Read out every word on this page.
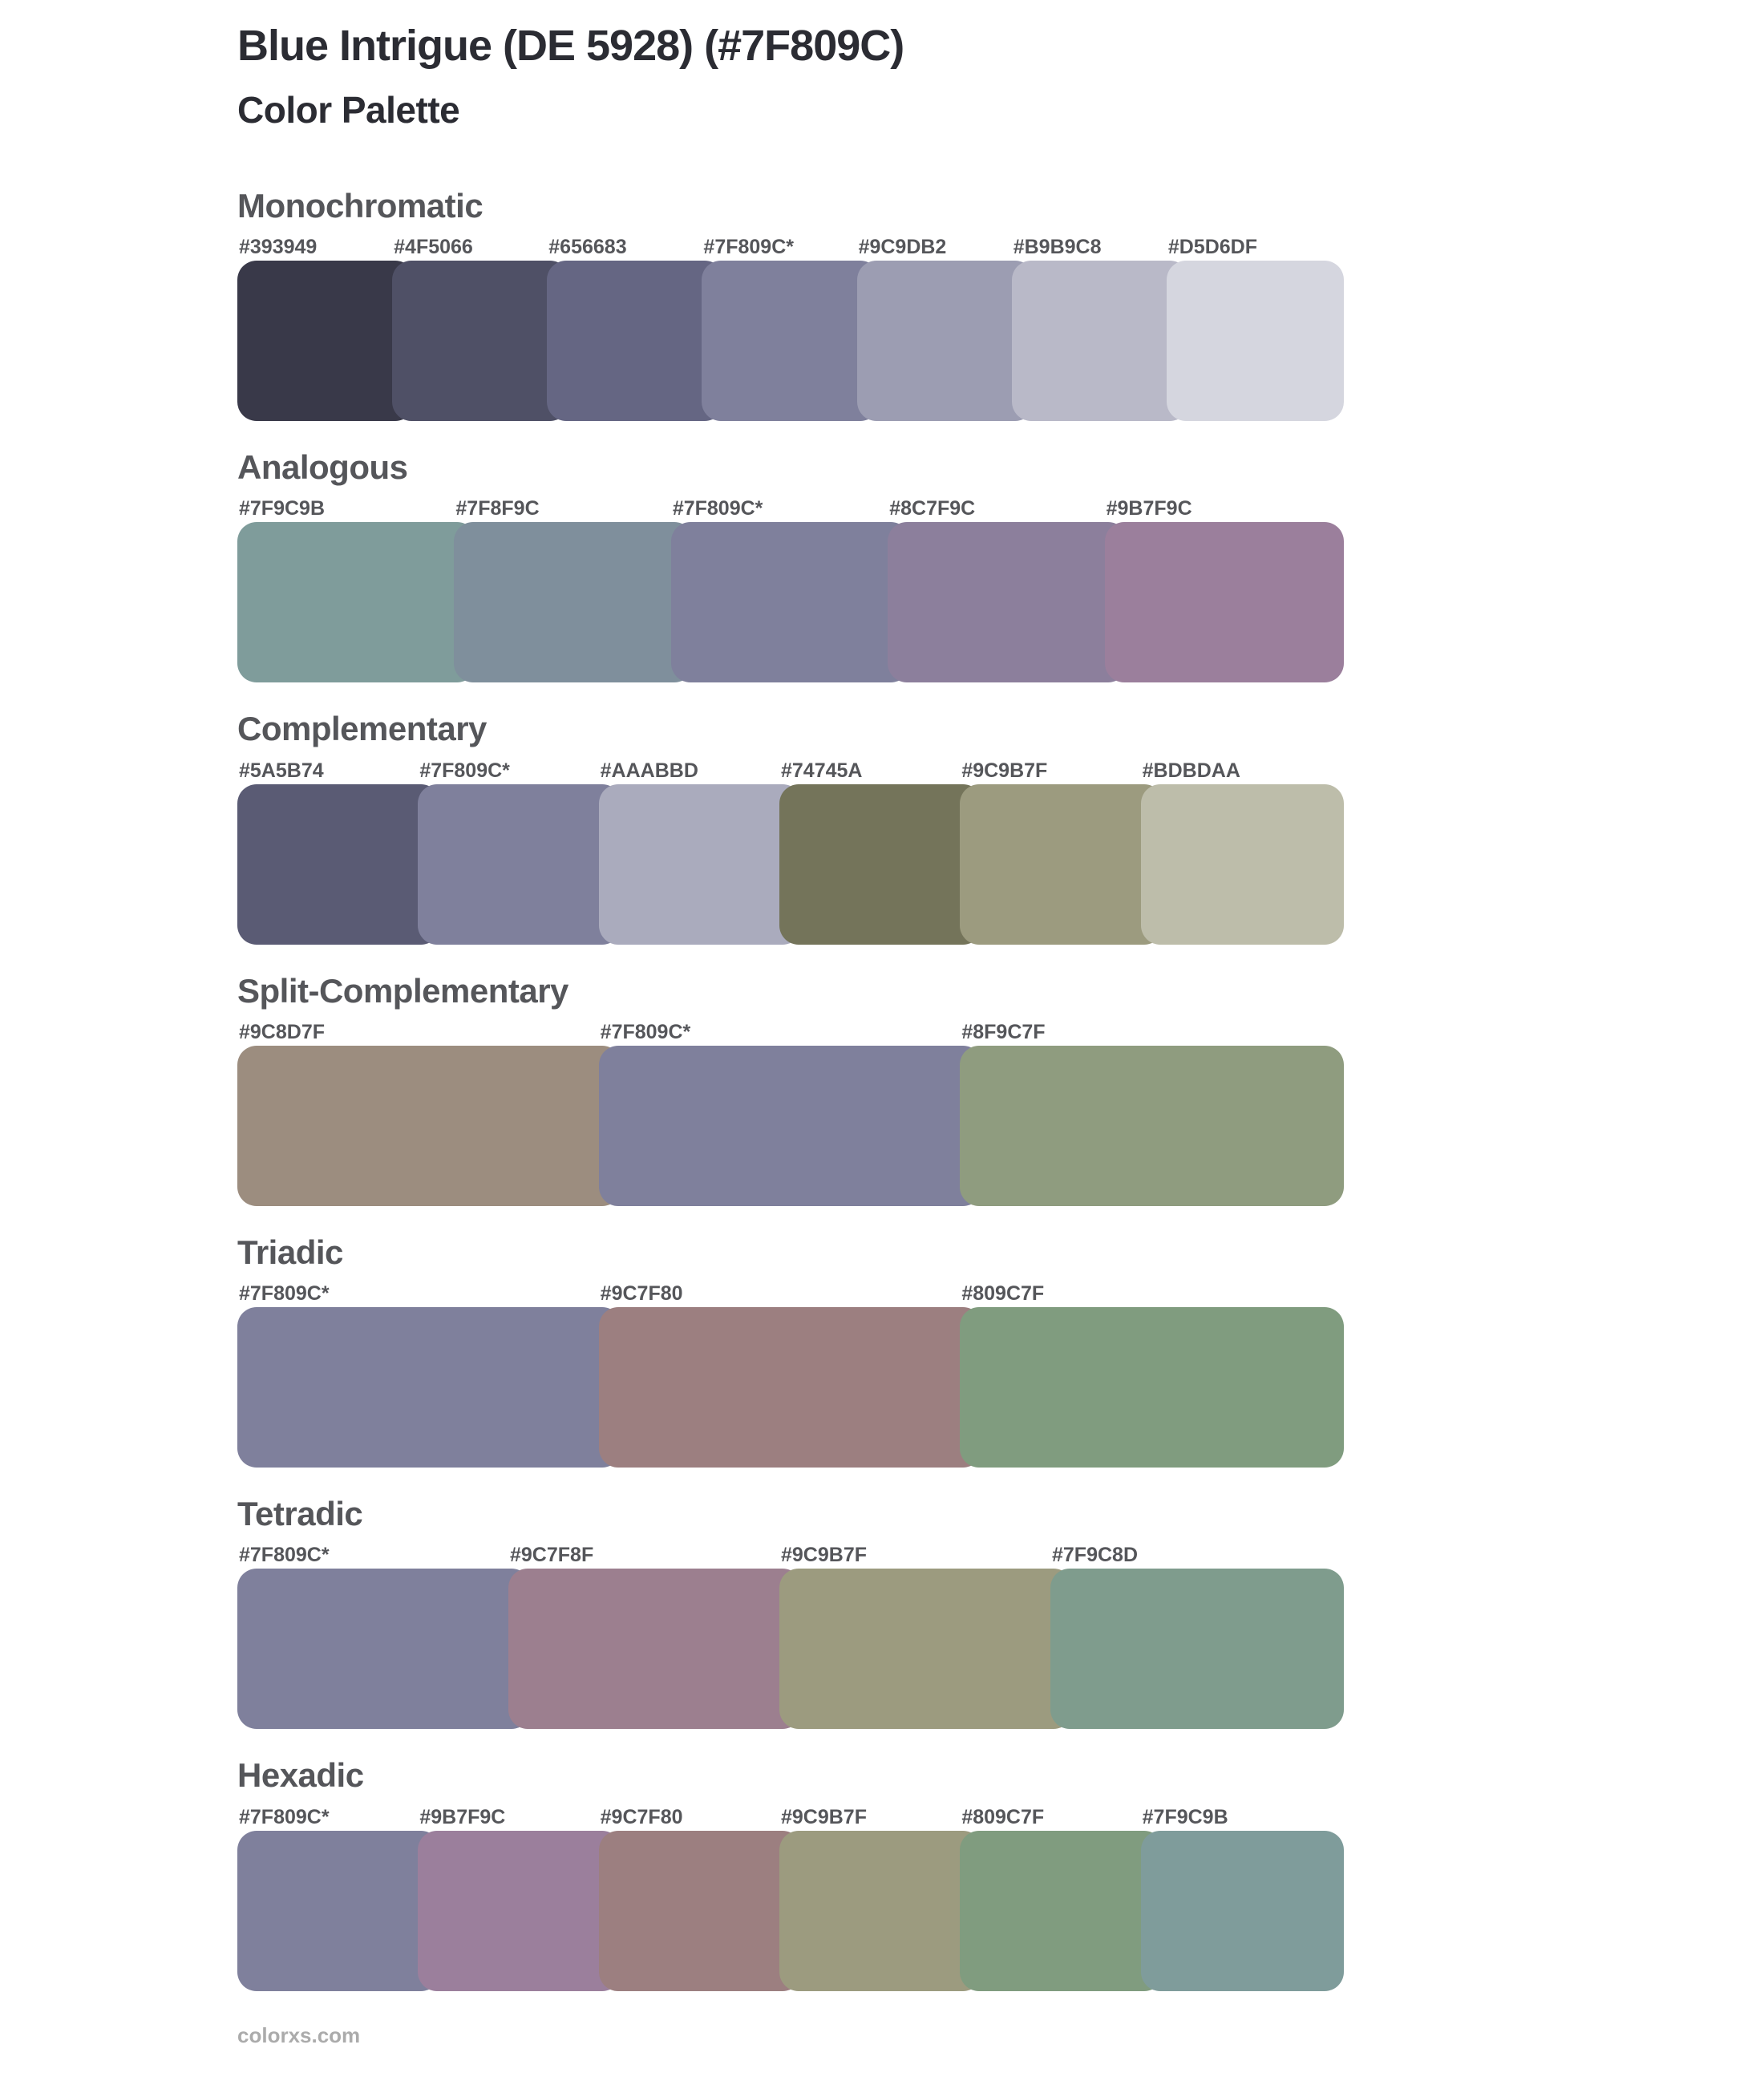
Blue Intrigue (DE 5928) (#7F809C)
Color Palette
Monochromatic
#393949	#4F5066	#656683	#7F809C*	#9C9DB2	#B9B9C8	#D5D6DF
Analogous
#7F9C9B	#7F8F9C	#7F809C*	#8C7F9C	#9B7F9C
Complementary
#5A5B74	#7F809C*	#AAABBD	#74745A	#9C9B7F	#BDBDAA
Split-Complementary
#9C8D7F	#7F809C*	#8F9C7F
Triadic
#7F809C*	#9C7F80	#809C7F
Tetradic
#7F809C*	#9C7F8F	#9C9B7F	#7F9C8D
Hexadic
#7F809C*	#9B7F9C	#9C7F80	#9C9B7F	#809C7F	#7F9C9B
colorxs.com
